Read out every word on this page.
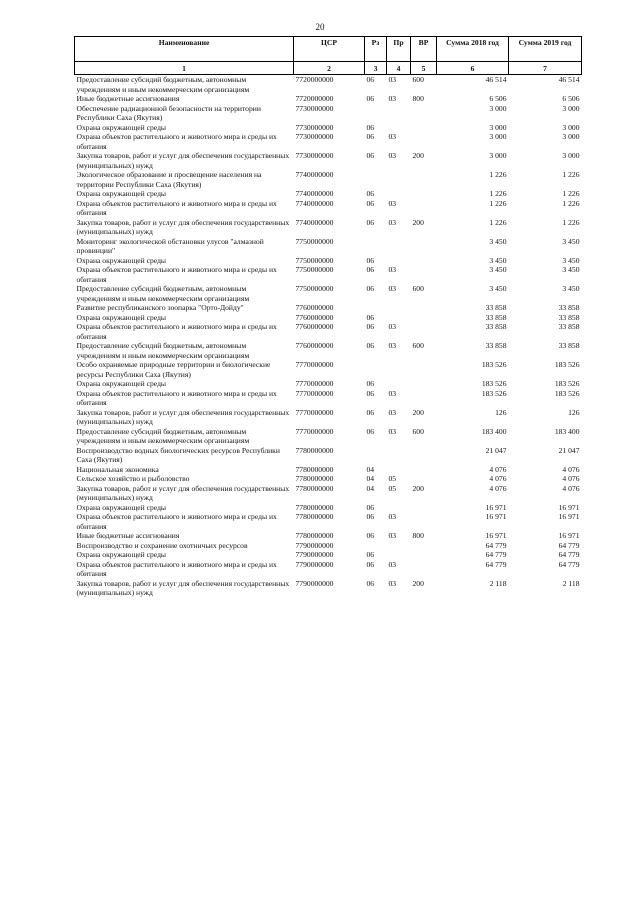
20
Наименование	ЦСР	Рз	Пр	ВР	Сумма 2018 год	Сумма 2019 год
1	2	3	4	5	6	7
Предоставление субсидий бюджетным, автономным учреждениям и иным некоммерческим организациям	7720000000	06	03	600	46 514	46 514
Иные бюджетные ассигнования	7720000000	06	03	800	6 506	6 506
Обеспечение радиационной безопасности на территории Республики Саха (Якутия)	7730000000				3 000	3 000
Охрана окружающей среды	7730000000	06			3 000	3 000
Охрана объектов растительного и животного мира и среды их обитания	7730000000	06	03		3 000	3 000
Закупка товаров, работ и услуг для обеспечения государственных (муниципальных) нужд	7730000000	06	03	200	3 000	3 000
Экологическое образование и просвещение населения на территории Республики Саха (Якутия)	7740000000				1 226	1 226
Охрана окружающей среды	7740000000	06			1 226	1 226
Охрана объектов растительного и животного мира и среды их обитания	7740000000	06	03		1 226	1 226
Закупка товаров, работ и услуг для обеспечения государственных (муниципальных) нужд	7740000000	06	03	200	1 226	1 226
Мониторинг экологической обстановки улусов "алмазной провинции"	7750000000				3 450	3 450
Охрана окружающей среды	7750000000	06			3 450	3 450
Охрана объектов растительного и животного мира и среды их обитания	7750000000	06	03		3 450	3 450
Предоставление субсидий бюджетным, автономным учреждениям и иным некоммерческим организациям	7750000000	06	03	600	3 450	3 450
Развитие республиканского зоопарка "Орто-Дойду"	7760000000				33 858	33 858
Охрана окружающей среды	7760000000	06			33 858	33 858
Охрана объектов растительного и животного мира и среды их обитания	7760000000	06	03		33 858	33 858
Предоставление субсидий бюджетным, автономным учреждениям и иным некоммерческим организациям	7760000000	06	03	600	33 858	33 858
Особо охраняемые природные территории и биологические ресурсы Республики Саха (Якутия)	7770000000				183 526	183 526
Охрана окружающей среды	7770000000	06			183 526	183 526
Охрана объектов растительного и животного мира и среды их обитания	7770000000	06	03		183 526	183 526
Закупка товаров, работ и услуг для обеспечения государственных (муниципальных) нужд	7770000000	06	03	200	126	126
Предоставление субсидий бюджетным, автономным учреждениям и иным некоммерческим организациям	7770000000	06	03	600	183 400	183 400
Воспроизводство водных биологических ресурсов Республики Саха (Якутия)	7780000000				21 047	21 047
Национальная экономика	7780000000	04			4 076	4 076
Сельское хозяйство и рыболовство	7780000000	04	05		4 076	4 076
Закупка товаров, работ и услуг для обеспечения государственных (муниципальных) нужд	7780000000	04	05	200	4 076	4 076
Охрана окружающей среды	7780000000	06			16 971	16 971
Охрана объектов растительного и животного мира и среды их обитания	7780000000	06	03		16 971	16 971
Иные бюджетные ассигнования	7780000000	06	03	800	16 971	16 971
Воспроизводство и сохранение охотничьих ресурсов	7790000000				64 779	64 779
Охрана окружающей среды	7790000000	06			64 779	64 779
Охрана объектов растительного и животного мира и среды их обитания	7790000000	06	03		64 779	64 779
Закупка товаров, работ и услуг для обеспечения государственных (муниципальных) нужд	7790000000	06	03	200	2 118	2 118
